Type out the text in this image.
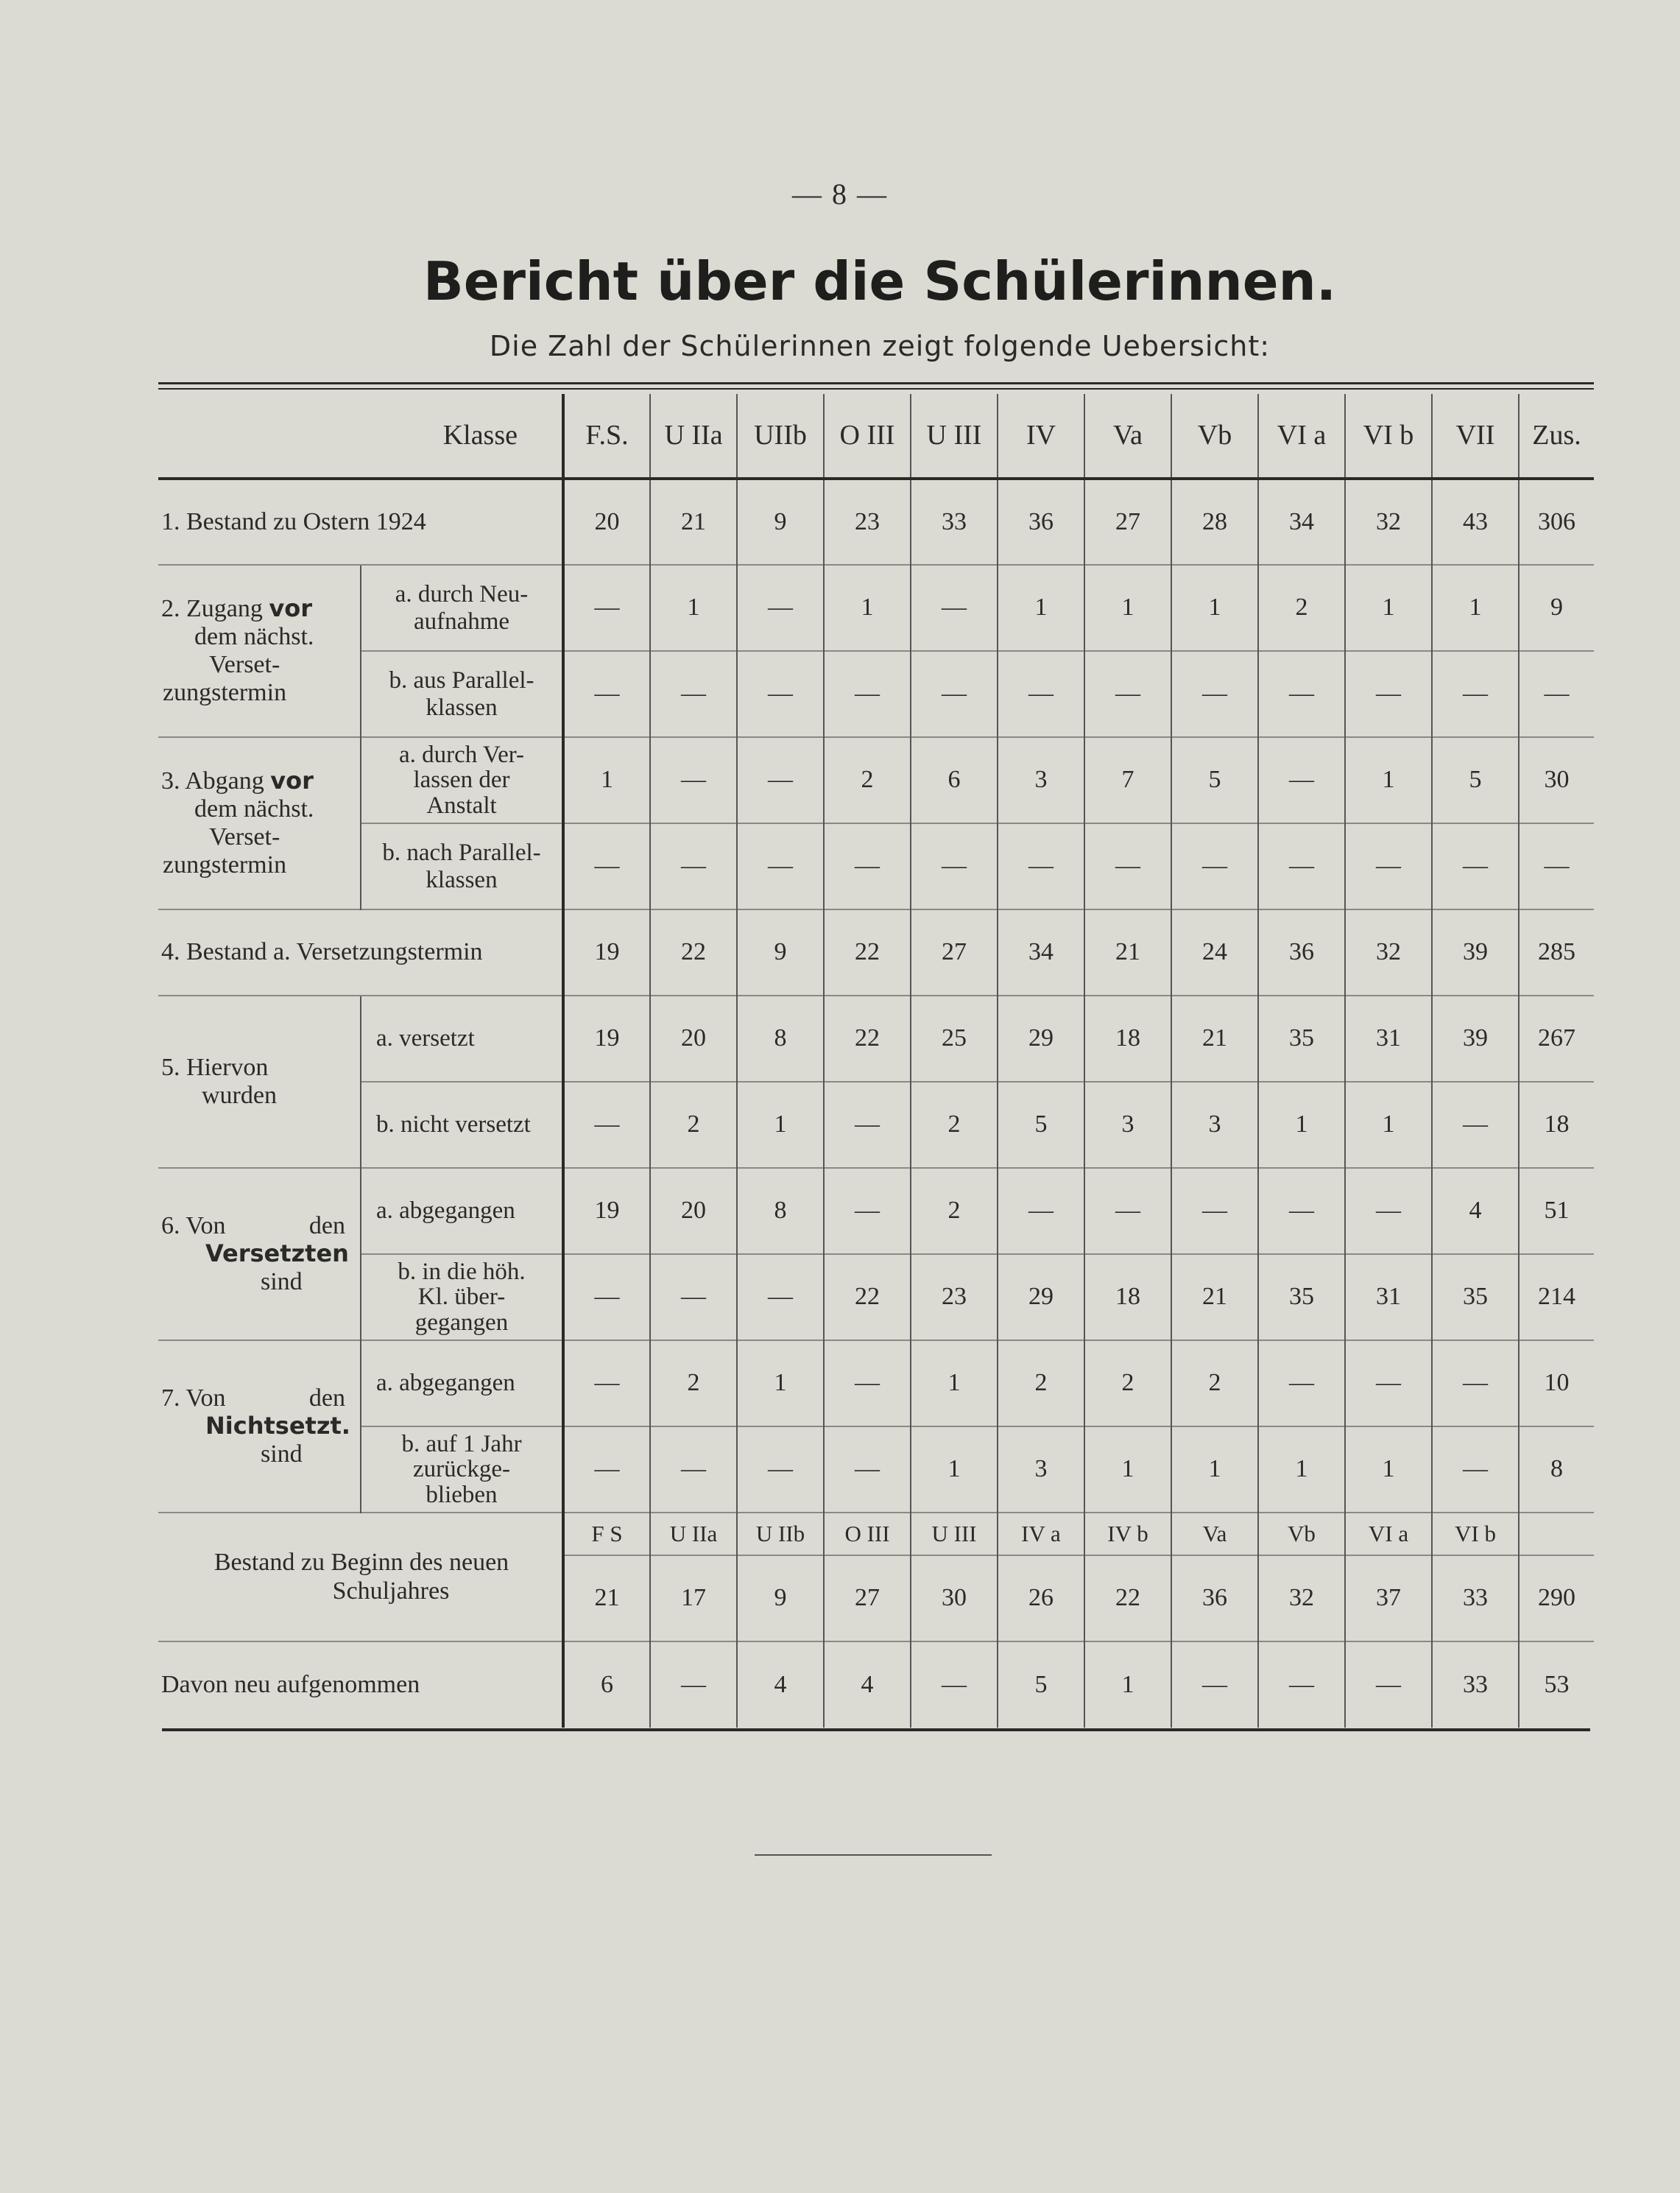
— 8 —
Bericht über die Schülerinnen.
Die Zahl der Schülerinnen zeigt folgende Uebersicht:
Klasse		F.S.	U IIa	UIIb	O III	U III	IV	Va	Vb	VI a	VI b	VII	Zus.
1. Bestand zu Ostern 1924		20	21	9	23	33	36	27	28	34	32	43	306
2. Zugang vor
dem nächst.
Verset-
zungstermin	a. durch Neu-
aufnahme	—	1	—	1	—	1	1	1	2	1	1	9
	b. aus Parallel-
klassen	—	—	—	—	—	—	—	—	—	—	—	—
3. Abgang vor
dem nächst.
Verset-
zungstermin	a. durch Ver-
lassen der
Anstalt	1	—	—	2	6	3	7	5	—	1	5	30
	b. nach Parallel-
klassen	—	—	—	—	—	—	—	—	—	—	—	—
4. Bestand a. Versetzungstermin		19	22	9	22	27	34	21	24	36	32	39	285
5. Hiervon
wurden	a. versetzt	19	20	8	22	25	29	18	21	35	31	39	267
	b. nicht versetzt	—	2	1	—	2	5	3	3	1	1	—	18

6. Von den
Versetzten
sind	a. abgegangen	19	20	8	—	2	—	—	—	—	—	4	51
	b. in die höh.
Kl. über-
gegangen	—	—	—	22	23	29	18	21	35	31	35	214

7. Von den
Nichtsetzt.
sind	a. abgegangen	—	2	1	—	1	2	2	2	—	—	—	10
	b. auf 1 Jahr
zurückge-
blieben	—	—	—	—	1	3	1	1	1	1	—	8
Bestand zu Beginn des neuen
Schuljahres		F S	U IIa	U IIb	O III	U III	IV a	IV b	Va	Vb	VI a	VI b	
		21	17	9	27	30	26	22	36	32	37	33	290
Davon neu aufgenommen		6	—	4	4	—	5	1	—	—	—	33	53
